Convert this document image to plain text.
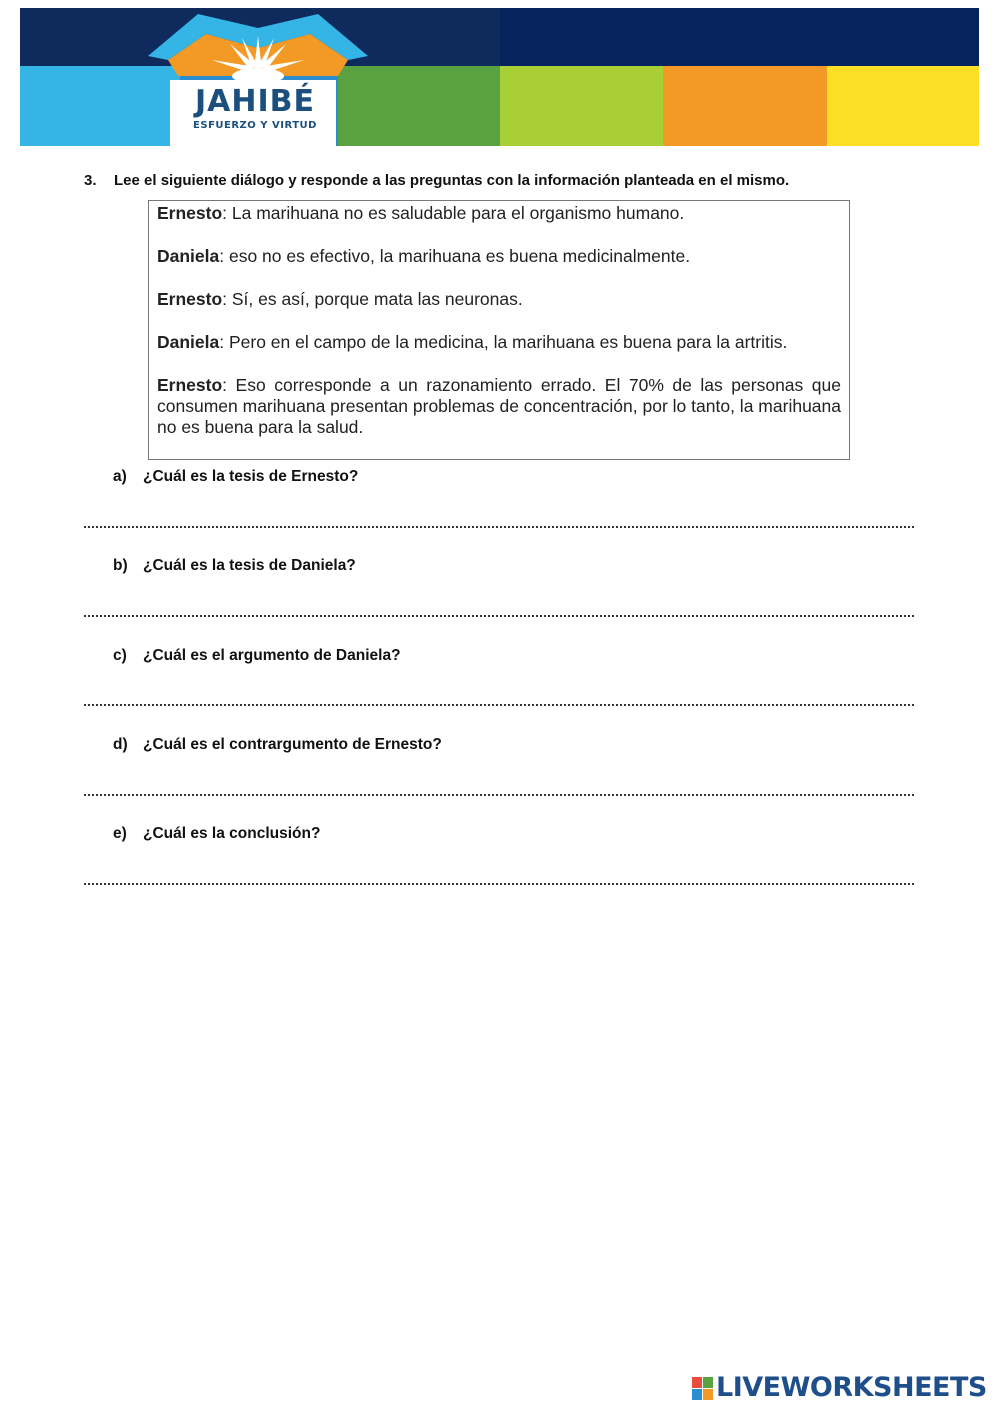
JAHIBÉ
ESFUERZO Y VIRTUD
3. Lee el siguiente diálogo y responde a las preguntas con la información planteada en el mismo.

Ernesto: La marihuana no es saludable para el organismo humano.

Daniela: eso no es efectivo, la marihuana es buena medicinalmente.

Ernesto: Sí, es así, porque mata las neuronas.

Daniela: Pero en el campo de la medicina, la marihuana es buena para la artritis.

Ernesto: Eso corresponde a un razonamiento errado. El 70% de las personas que consumen marihuana presentan problemas de concentración, por lo tanto, la marihuana no es buena para la salud.

a) ¿Cuál es la tesis de Ernesto?
b) ¿Cuál es la tesis de Daniela?
c) ¿Cuál es el argumento de Daniela?
d) ¿Cuál es el contrargumento de Ernesto?
e) ¿Cuál es la conclusión?
LIVEWORKSHEETS
